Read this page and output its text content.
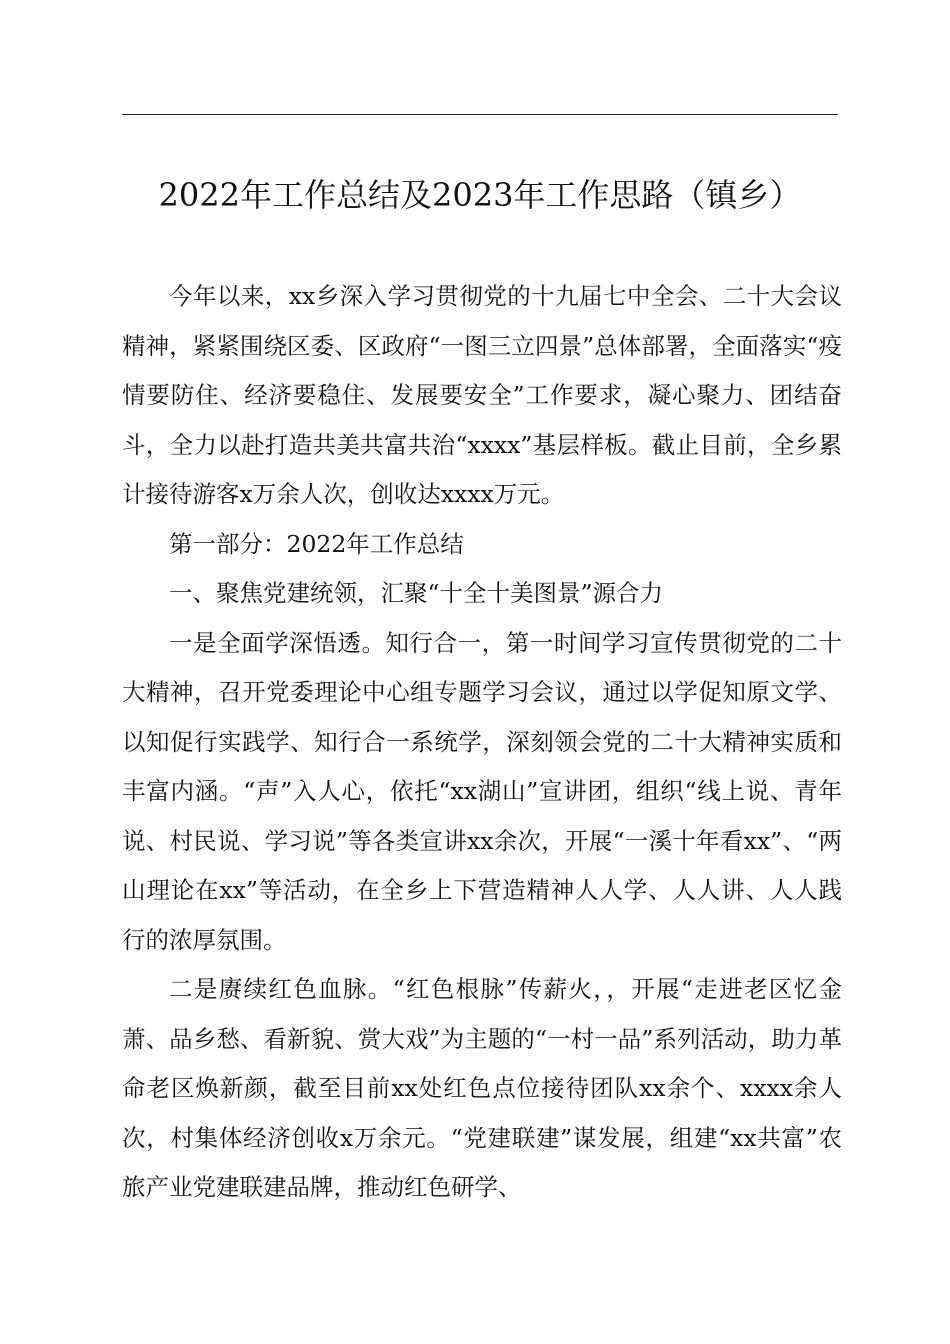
2022年工作总结及2023年工作思路（镇乡）

今年以来，xx乡深入学习贯彻党的十九届七中全会、二十大会议精神，紧紧围绕区委、区政府“一图三立四景”总体部署，全面落实“疫情要防住、经济要稳住、发展要安全”工作要求，凝心聚力、团结奋斗，全力以赴打造共美共富共治“xxxx”基层样板。截止目前，全乡累计接待游客x万余人次，创收达xxxx万元。

第一部分：2022年工作总结

一、聚焦党建统领，汇聚“十全十美图景”源合力

一是全面学深悟透。知行合一，第一时间学习宣传贯彻党的二十大精神，召开党委理论中心组专题学习会议，通过以学促知原文学、以知促行实践学、知行合一系统学，深刻领会党的二十大精神实质和丰富内涵。“声”入人心，依托“xx湖山”宣讲团，组织“线上说、青年说、村民说、学习说”等各类宣讲xx余次，开展“一溪十年看xx”、“两山理论在xx”等活动，在全乡上下营造精神人人学、人人讲、人人践行的浓厚氛围。

二是赓续红色血脉。“红色根脉”传薪火，，开展“走进老区忆金萧、品乡愁、看新貌、赏大戏”为主题的“一村一品”系列活动，助力革命老区焕新颜，截至目前xx处红色点位接待团队xx余个、xxxx余人次，村集体经济创收x万余元。“党建联建”谋发展，组建“xx共富”农旅产业党建联建品牌，推动红色研学、
